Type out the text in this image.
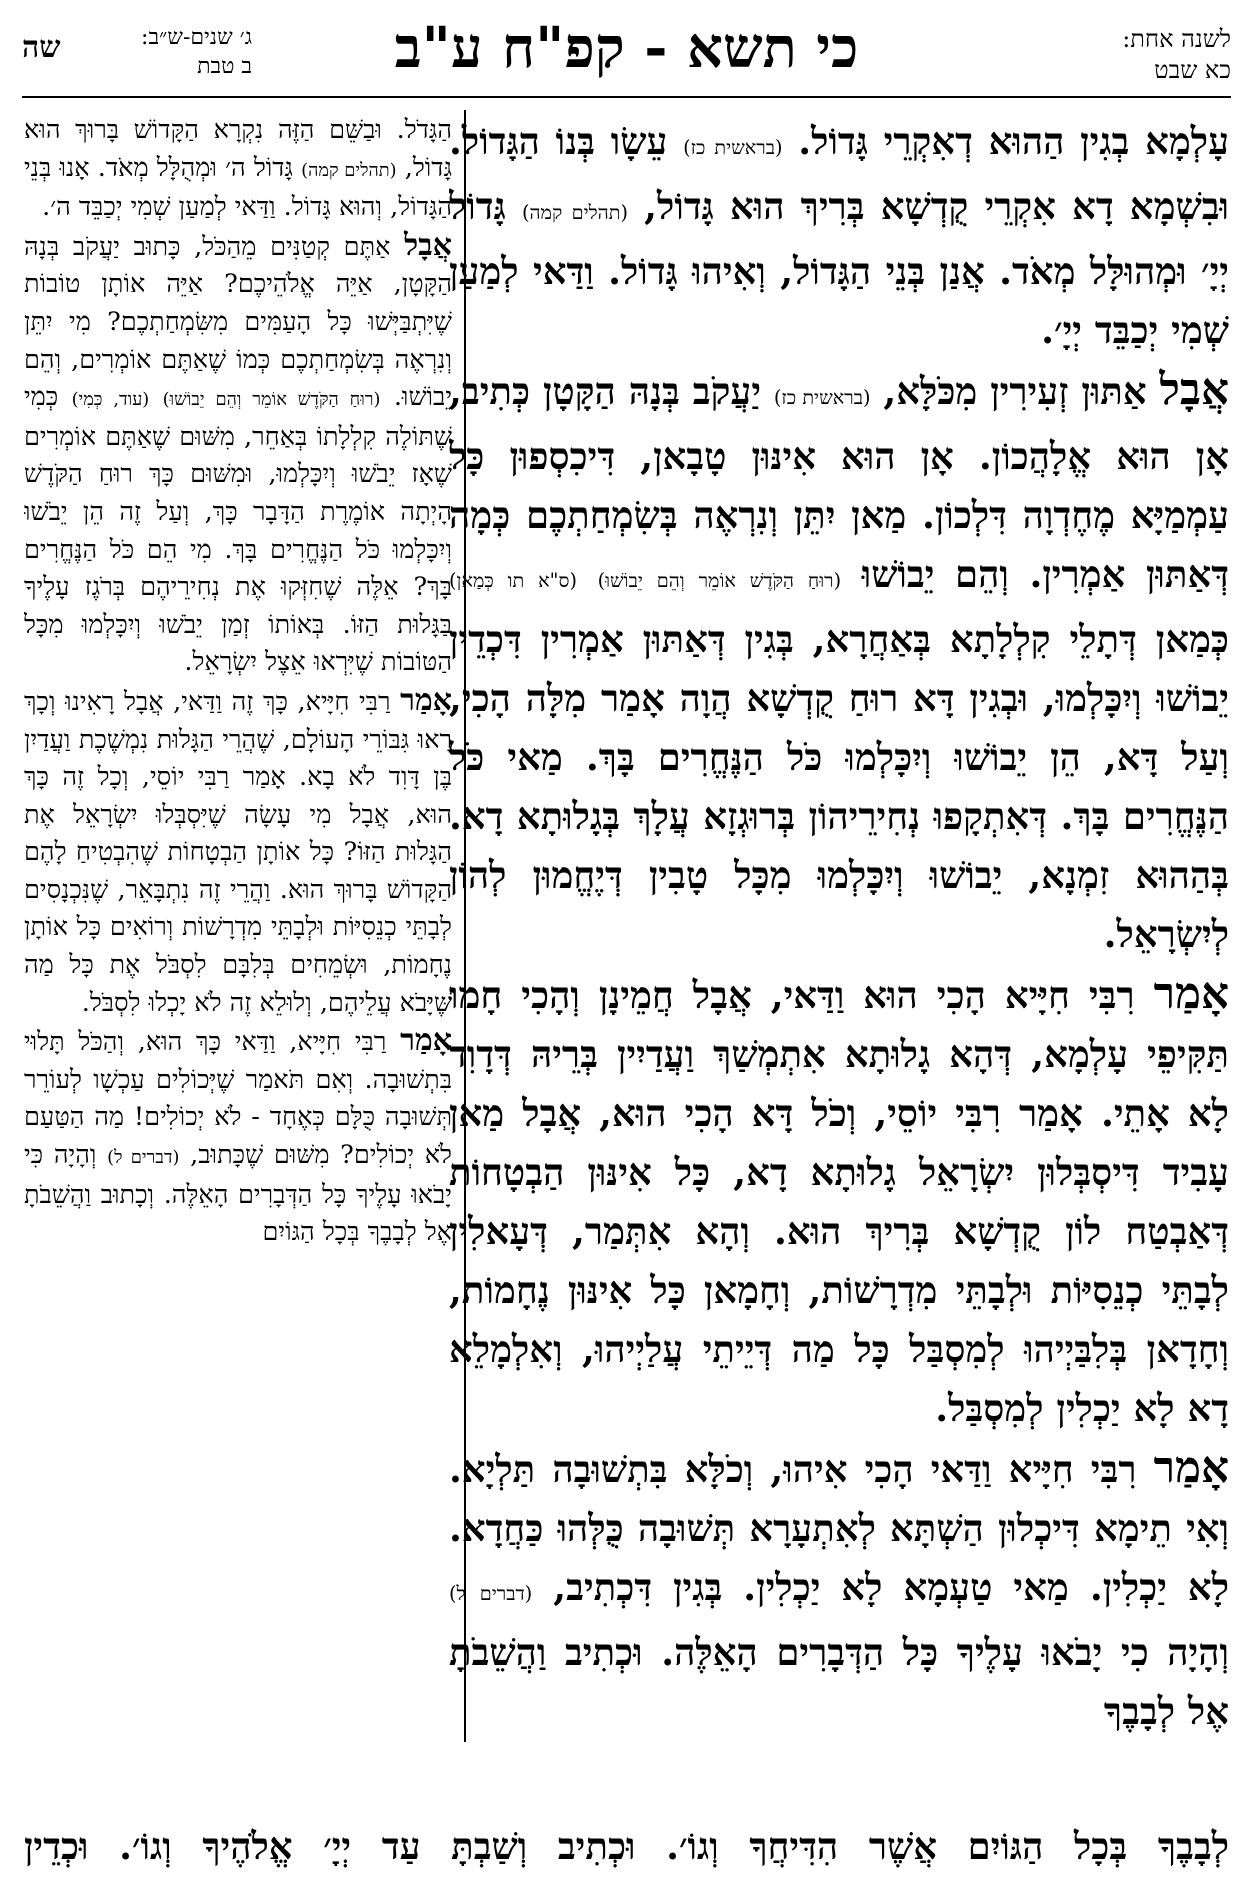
לשנה אחת:
כא שבט
כי תשא - קפ"ח ע"ב
ג׳ שנים-ש״ב:
ב טבת
שה

עָלְמָא בְגִין הַהוּא דְאִקְרֵי גָּדוֹל. (בראשית כז) עֵשָׂו בְּנוֹ הַגָּדוֹל. וּבִשְׁמָא דָא אִקְרֵי קֻדְשָׁא בְּרִיךְ הוּא גָּדוֹל, (תהלים קמה) גָּדוֹל יְיָ׳ וּמְהוּלָּל מְאֹד. אֲנַן בְּנֵי הַגָּדוֹל, וְאִיהוּ גָּדוֹל. וַדַּאי לְמַעַן שְׁמִי יְכַבֵּד יְיָ׳.

אֲבָל אַתּוּן זְעִירִין מִכֹּלָּא, (בראשית כז) יַעֲקֹב בְּנָהּ הַקָּטָן כְּתִיב, אָן הוּא אֱלָהֲכוֹן. אָן הוּא אִינּוּן טָבָאן, דִּיכִסְפוּן כָּל עַמְמַיָּא מֶחֶדְוָה דִּלְכוֹן. מַאן יִתֵּן וְנִרְאֶה בְּשִׂמְחַתְכֶם כְּמָה דְּאַתּוּן אַמְרִין. וְהֵם יֵבוֹשׁוּ (רוּחַ הַקֹּדֶשׁ אוֹמֵר וְהֵם יֵבוֹשׁוּ) (ס"א תו כְּמַאן) כְּמַאן דְּתָלֵי קִלְלָתָא בְּאַחֲרָא, בְּגִין דְּאַתּוּן אַמְרִין דִּכְדֵין יֵבוֹשׁוּ וְיִכָּלְמוּ, וּבְגִין דָּא רוּחַ קֻדְשָׁא הֲוָה אָמַר מִלָּה הָכִי, וְעַל דָּא, הֵן יֵבוֹשׁוּ וְיִכָּלְמוּ כֹּל הַנֶּחֱרִים בָּךְ. מַאי כֹּל הַנֶּחֱרִים בָּךְ. דְּאִתְקָפוּ נְחִירֵיהוֹן בְּרוּגְזָא עֲלָךְ בְּגָלוּתָא דָא. בְּהַהוּא זִמְנָא, יֵבוֹשׁוּ וְיִכָּלְמוּ מִכָּל טָבִין דְּיֶחֱמוּן לְהוֹן לְיִשְׂרָאֵל.

אָמַר רִבִּי חִיָּיא הָכִי הוּא וַדַּאי, אֲבָל חֲמֵינָן וְהָכִי חָמוּ תַּקִּיפֵי עָלְמָא, דְּהָא גָלוּתָא אִתְמְשַׁךְ וַעֲדַיִין בְּרֵיהּ דְּדָוִד לָא אָתֵי. אָמַר רִבִּי יוֹסֵי, וְכֹל דָּא הָכִי הוּא, אֲבָל מַאן עָבִיד דִּיסְבְּלוּן יִשְׂרָאֵל גָלוּתָא דָא, כָּל אִינּוּן הַבְטָחוֹת דְּאַבְטַח לוֹן קֻדְשָׁא בְּרִיךְ הוּא. וְהָא אִתְּמַר, דְּעָאלִין לְבָתֵּי כְנֵסִיּוֹת וּלְבָתֵּי מִדְרָשׁוֹת, וְחָמָאן כָּל אִינּוּן נֶחָמוֹת, וְחָדָאן בְּלִבַּיְיהוּ לְמִסְבַּל כָּל מַה דְּיֵיתֵי עֲלַיְיהוּ, וְאִלְמָלֵא דָא לָא יַכְלִין לְמִסְבַּל.

אָמַר רִבִּי חִיָּיא וַדַּאי הָכִי אִיהוּ, וְכֹלָּא בִּתְשׁוּבָה תַּלְיָא. וְאִי תֵימָא דִּיכְלוּן הַשְׁתָּא לְאִתְעָרָא תְּשׁוּבָה כֻּלְּהוּ כַּחֲדָא. לָא יַכְלִין. מַאי טַעְמָא לָא יַכְלִין. בְּגִין דִּכְתִיב, (דברים ל) וְהָיָה כִי יָבֹאוּ עָלֶיךָ כָּל הַדְּבָרִים הָאֵלֶּה. וּכְתִיב וַהֲשֵׁבֹתָ אֶל לְבָבֶךָ

הַגָּדֹל. וּבַשֵּׁם הַזֶּה נִקְרָא הַקָּדוֹשׁ בָּרוּךְ הוּא גָּדוֹל, (תהלים קמה) גָּדוֹל ה׳ וּמְהֻלָּל מְאֹד. אָנוּ בְּנֵי הַגָּדוֹל, וְהוּא גָּדוֹל. וַדַּאי לְמַעַן שְׁמִי יְכַבֵּד ה׳.

אֲבָל אַתֶּם קְטַנִּים מֵהַכֹּל, כָּתוּב יַעֲקֹב בְּנָהּ הַקָּטָן, אַיֵּה אֱלֹהֵיכֶם? אַיֵּה אוֹתָן טוֹבוֹת שֶׁיִּתְבַּיְּשׁוּ כָּל הָעַמִּים מִשִּׂמְחַתְכֶם? מִי יִתֵּן וְנִרְאֶה בְּשִׂמְחַתְכֶם כְּמוֹ שֶׁאַתֶּם אוֹמְרִים, וְהֵם יֵבוֹשׁוּ. (רוּחַ הַקֹּדֶשׁ אוֹמֵר וְהֵם יֵבוֹשׁוּ) (עוד, כְּמִי) כְּמִי שֶׁתּוֹלֶה קִלְלָתוֹ בְּאַחֵר, מִשּׁוּם שֶׁאַתֶּם אוֹמְרִים שֶׁאָז יֵבֹשׁוּ וְיִכָּלְמוּ, וּמִשּׁוּם כָּךְ רוּחַ הַקֹּדֶשׁ הָיְתָה אוֹמֶרֶת הַדָּבָר כָּךְ, וְעַל זֶה הֵן יֵבֹשׁוּ וְיִכָּלְמוּ כֹּל הַנֶּחֱרִים בָּךְ. מִי הֵם כֹּל הַנֶּחֱרִים בָּךְ? אֵלֶּה שֶׁחִזְּקוּ אֶת נְחִירֵיהֶם בְּרֹגֶז עָלֶיךָ בַּגָּלוּת הַזּוֹ. בְּאוֹתוֹ זְמַן יֵבֹשׁוּ וְיִכָּלְמוּ מִכָּל הַטּוֹבוֹת שֶׁיִּרְאוּ אֵצֶל יִשְׂרָאֵל.

אָמַר רַבִּי חִיָּיא, כָּךְ זֶה וַדַּאי, אֲבָל רָאִינוּ וְכָךְ רָאוּ גִּבּוֹרֵי הָעוֹלָם, שֶׁהֲרֵי הַגָּלוּת נִמְשֶׁכֶת וַעֲדַיִן בֶּן דָּוִד לֹא בָא. אָמַר רַבִּי יוֹסֵי, וְכָל זֶה כָּךְ הוּא, אֲבָל מִי עָשָׂה שֶׁיִּסְבְּלוּ יִשְׂרָאֵל אֶת הַגָּלוּת הַזּוֹ? כָּל אוֹתָן הַבְטָחוֹת שֶׁהִבְטִיחַ לָהֶם הַקָּדוֹשׁ בָּרוּךְ הוּא. וַהֲרֵי זֶה נִתְבָּאֵר, שֶׁנִּכְנָסִים לְבָתֵּי כְנֵסִיּוֹת וּלְבָתֵּי מִדְרָשׁוֹת וְרוֹאִים כָּל אוֹתָן נֶחָמוֹת, וּשְׂמֵחִים בְּלִבָּם לִסְבֹּל אֶת כָּל מַה שֶּׁיָּבֹא עֲלֵיהֶם, וְלוּלֵא זֶה לֹא יָכְלוּ לִסְבֹּל.

אָמַר רַבִּי חִיָּיא, וַדַּאי כָּךְ הוּא, וְהַכֹּל תָּלוּי בִּתְשׁוּבָה. וְאִם תֹּאמַר שֶׁיְּכוֹלִים עַכְשָׁו לְעוֹרֵר תְּשׁוּבָה כֻּלָּם כְּאֶחָד - לֹא יְכוֹלִים! מַה הַטַּעַם לֹא יְכוֹלִים? מִשּׁוּם שֶׁכָּתוּב, (דברים ל) וְהָיָה כִּי יָבֹאוּ עָלֶיךָ כָּל הַדְּבָרִים הָאֵלֶּה. וְכָתוּב וַהֲשֵׁבֹתָ אֶל לְבָבֶךָ בְּכָל הַגּוֹיִם

לְבָבֶךָ בְּכָל הַגּוֹיִם אֲשֶׁר הִדִּיחֲךָ וְגוֹ׳. וּכְתִיב וְשַׁבְתָּ עַד יְיָ׳ אֱלֹהֶיךָ וְגוֹ׳. וּכְדֵין
